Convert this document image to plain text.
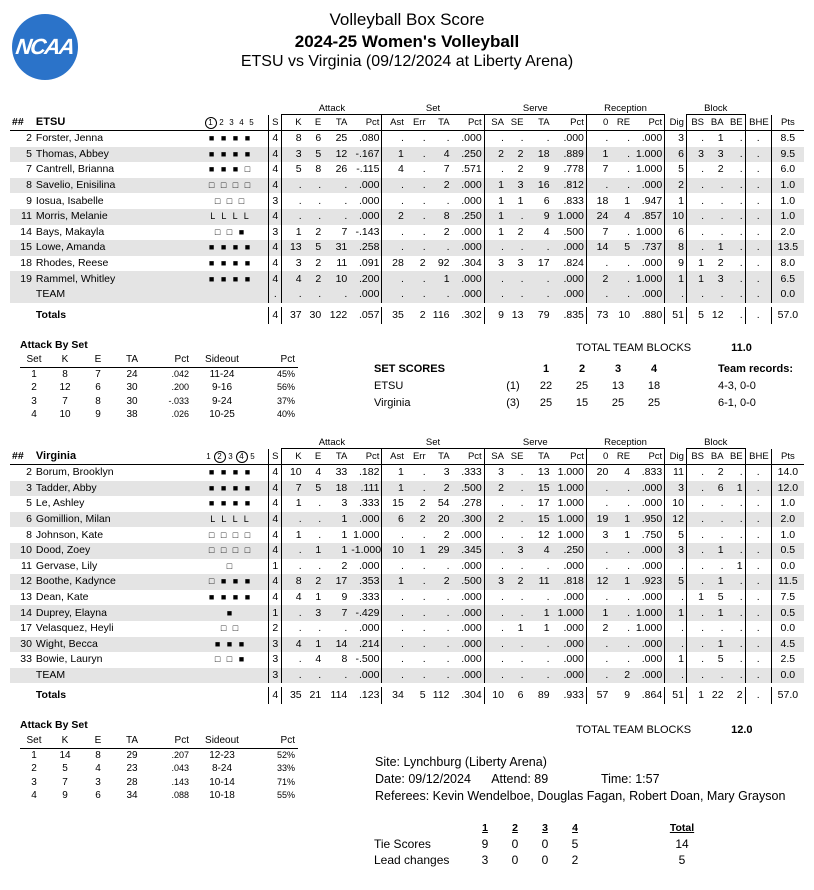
NCAA
Volleyball Box Score
2024-25 Women's Volleyball
ETSU vs Virginia (09/12/2024 at Liberty Arena)
				Attack				Set				Serve				Reception				Block				
##	ETSU	1 2 3 4 5	S	K	E	TA	Pct	Ast	Err	TA	Pct	SA	SE	TA	Pct	0	RE	Pct	Dig	BS	BA	BE	BHE	Pts
2	Forster, Jenna	■ ■ ■ ■	4	8	6	25	.080	.	.	.	.000	.	.	.	.000	.	.	.000	3	.	1	.	.	8.5
5	Thomas, Abbey	■ ■ ■ ■	4	3	5	12	-.167	1	.	4	.250	2	2	18	.889	1	.	1.000	6	3	3	.	.	9.5
7	Cantrell, Brianna	■ ■ ■ □	4	5	8	26	-.115	4	.	7	.571	.	2	9	.778	7	.	1.000	5	.	2	.	.	6.0
8	Savelio, Enisilina	□ □ □ □	4	.	.	.	.000	.	.	2	.000	1	3	16	.812	.	.	.000	2	.	.	.	.	1.0
9	Iosua, Isabelle	□ □ □	3	.	.	.	.000	.	.	.	.000	1	1	6	.833	18	1	.947	1	.	.	.	.	1.0
11	Morris, Melanie	L L L L	4	.	.	.	.000	2	.	8	.250	1	.	9	1.000	24	4	.857	10	.	.	.	.	1.0
14	Bays, Makayla	□ □ ■	3	1	2	7	-.143	.	.	2	.000	1	2	4	.500	7	.	1.000	6	.	.	.	.	2.0
15	Lowe, Amanda	■ ■ ■ ■	4	13	5	31	.258	.	.	.	.000	.	.	.	.000	14	5	.737	8	.	1	.	.	13.5
18	Rhodes, Reese	■ ■ ■ ■	4	3	2	11	.091	28	2	92	.304	3	3	17	.824	.	.	.000	9	1	2	.	.	8.0
19	Rammel, Whitley	■ ■ ■ ■	4	4	2	10	.200	.	.	1	.000	.	.	.	.000	2	.	1.000	1	1	3	.	.	6.5
	TEAM		.	.	.	.	.000	.	.	.	.000	.	.	.	.000	.	.	.000	.	.	.	.	.	0.0

	Totals		4	37	30	122	.057	35	2	116	.302	9	13	79	.835	73	10	.880	51	5	12	.	.	57.0
				Attack				Set				Serve				Reception				Block				
##	Virginia	1 2 3 4 5	S	K	E	TA	Pct	Ast	Err	TA	Pct	SA	SE	TA	Pct	0	RE	Pct	Dig	BS	BA	BE	BHE	Pts
2	Borum, Brooklyn	■ ■ ■ ■	4	10	4	33	.182	1	.	3	.333	3	.	13	1.000	20	4	.833	11	.	2	.	.	14.0
3	Tadder, Abby	■ ■ ■ ■	4	7	5	18	.111	1	.	2	.500	2	.	15	1.000	.	.	.000	3	.	6	1	.	12.0
5	Le, Ashley	■ ■ ■ ■	4	1	.	3	.333	15	2	54	.278	.	.	17	1.000	.	.	.000	10	.	.	.	.	1.0
6	Gomillion, Milan	L L L L	4	.	.	1	.000	6	2	20	.300	2	.	15	1.000	19	1	.950	12	.	.	.	.	2.0
8	Johnson, Kate	□ □ □ □	4	1	.	1	1.000	.	.	2	.000	.	.	12	1.000	3	1	.750	5	.	.	.	.	1.0
10	Dood, Zoey	□ □ □ □	4	.	1	1	-1.000	10	1	29	.345	.	3	4	.250	.	.	.000	3	.	1	.	.	0.5
11	Gervase, Lily	□	1	.	.	2	.000	.	.	.	.000	.	.	.	.000	.	.	.000	.	.	.	1	.	0.0
12	Boothe, Kadynce	□ ■ ■ ■	4	8	2	17	.353	1	.	2	.500	3	2	11	.818	12	1	.923	5	.	1	.	.	11.5
13	Dean, Kate	■ ■ ■ ■	4	4	1	9	.333	.	.	.	.000	.	.	.	.000	.	.	.000	.	1	5	.	.	7.5
14	Duprey, Elayna	■	1	.	3	7	-.429	.	.	.	.000	.	.	1	1.000	1	.	1.000	1	.	1	.	.	0.5
17	Velasquez, Heyli	□ □	2	.	.	.	.000	.	.	.	.000	.	1	1	.000	2	.	1.000	.	.	.	.	.	0.0
30	Wight, Becca	■ ■ ■	3	4	1	14	.214	.	.	.	.000	.	.	.	.000	.	.	.000	.	.	1	.	.	4.5
33	Bowie, Lauryn	□ □ ■	3	.	4	8	-.500	.	.	.	.000	.	.	.	.000	.	.	.000	1	.	5	.	.	2.5
	TEAM		3	.	.	.	.000	.	.	.	.000	.	.	.	.000	.	2	.000	.	.	.	.	.	0.0

	Totals		4	35	21	114	.123	34	5	112	.304	10	6	89	.933	57	9	.864	51	1	22	2	.	57.0
Attack By Set
Set	K	E	TA	Pct	Sideout	Pct
1	8	7	24	.042	11-24	45%
2	12	6	30	.200	9-16	56%
3	7	8	30	-.033	9-24	37%
4	10	9	38	.026	10-25	40%
TOTAL TEAM BLOCKS	11.0
SET SCORES		1	2	3	4		Team records:
ETSU	(1)	22	25	13	18		4-3, 0-0
Virginia	(3)	25	15	25	25		6-1, 0-0
Attack By Set
Set	K	E	TA	Pct	Sideout	Pct
1	14	8	29	.207	12-23	52%
2	5	4	23	.043	8-24	33%
3	7	3	28	.143	10-14	71%
4	9	6	34	.088	10-18	55%
TOTAL TEAM BLOCKS	12.0
Site: Lynchburg (Liberty Arena)
Date: 09/12/2024 Attend: 89	Time: 1:57
Referees: Kevin Wendelboe, Douglas Fagan, Robert Doan, Mary Grayson
	1	2	3	4		Total
Tie Scores	9	0	0	5		14
Lead changes	3	0	0	2		5
